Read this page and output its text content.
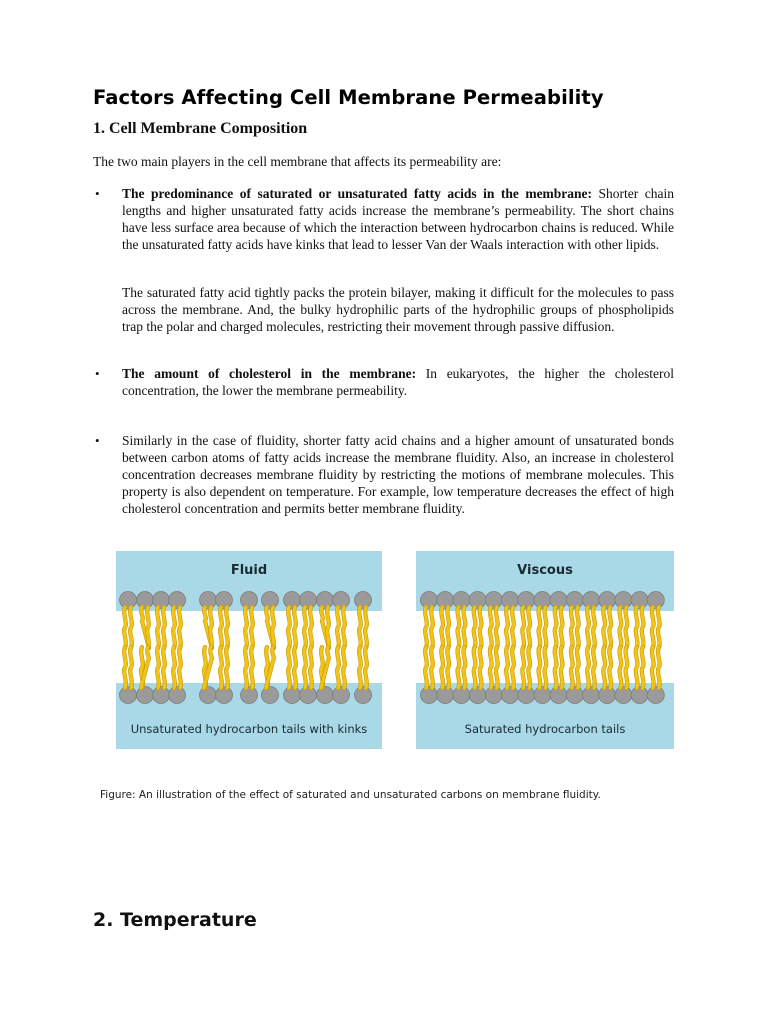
Factors Affecting Cell Membrane Permeability
1. Cell Membrane Composition

The two main players in the cell membrane that affects its permeability are:

• The predominance of saturated or unsaturated fatty acids in the membrane: Shorter chain lengths and higher unsaturated fatty acids increase the membrane’s permeability. The short chains have less surface area because of which the interaction between hydrocarbon chains is reduced. While the unsaturated fatty acids have kinks that lead to lesser Van der Waals interaction with other lipids.

The saturated fatty acid tightly packs the protein bilayer, making it difficult for the molecules to pass across the membrane. And, the bulky hydrophilic parts of the hydrophilic groups of phospholipids trap the polar and charged molecules, restricting their movement through passive diffusion.

• The amount of cholesterol in the membrane: In eukaryotes, the higher the cholesterol concentration, the lower the membrane permeability.

• Similarly in the case of fluidity, shorter fatty acid chains and a higher amount of unsaturated bonds between carbon atoms of fatty acids increase the membrane fluidity. Also, an increase in cholesterol concentration decreases membrane fluidity by restricting the motions of membrane molecules. This property is also dependent on temperature. For example, low temperature decreases the effect of high cholesterol concentration and permits better membrane fluidity.

Fluid
Unsaturated hydrocarbon tails with kinks
Viscous
Saturated hydrocarbon tails

Figure: An illustration of the effect of saturated and unsaturated carbons on membrane fluidity.

2. Temperature
